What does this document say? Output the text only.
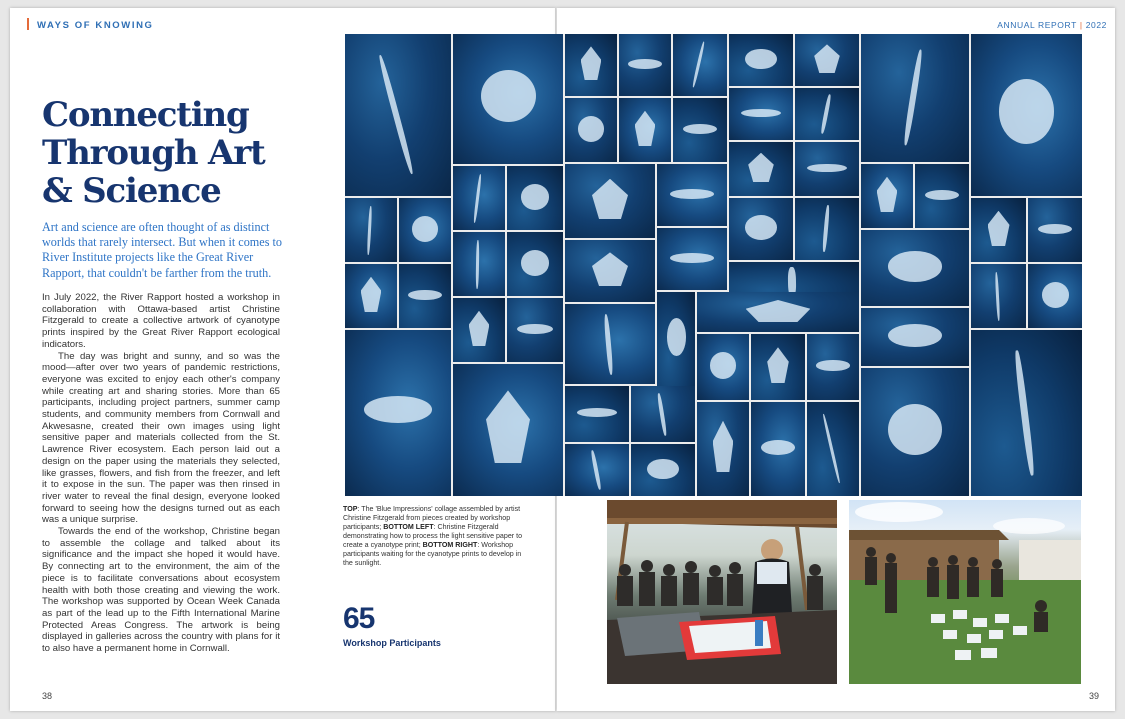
WAYS OF KNOWING
Connecting Through Art & Science

Art and science are often thought of as distinct worlds that rarely intersect. But when it comes to River Institute projects like the Great River Rapport, that couldn't be farther from the truth.

In July 2022, the River Rapport hosted a workshop in collaboration with Ottawa-based artist Christine Fitzgerald to create a collective artwork of cyanotype prints inspired by the Great River Rapport ecological indicators.

The day was bright and sunny, and so was the mood—after over two years of pandemic restrictions, everyone was excited to enjoy each other's company while creating art and sharing stories. More than 65 participants, including project partners, summer camp students, and community members from Cornwall and Akwesasne, created their own images using light sensitive paper and materials collected from the St. Lawrence River ecosystem. Each person laid out a design on the paper using the materials they selected, like grasses, flowers, and fish from the freezer, and left it to expose in the sun. The paper was then rinsed in river water to reveal the final design, everyone looked forward to seeing how the designs turned out as each was a unique surprise.

Towards the end of the workshop, Christine began to assemble the collage and talked about its significance and the impact she hoped it would have. By connecting art to the environment, the aim of the piece is to facilitate conversations about ecosystem health with both those creating and viewing the work. The workshop was supported by Ocean Week Canada as part of the lead up to the Fifth International Marine Protected Areas Congress. The artwork is being displayed in galleries across the country with plans for it to also have a permanent home in Cornwall.

38
ANNUAL REPORT | 2022
39
TOP: The 'Blue Impressions' collage assembled by artist Christine Fitzgerald from pieces created by workshop participants; BOTTOM LEFT: Christine Fitzgerald demonstrating how to process the light sensitive paper to create a cyanotype print; BOTTOM RIGHT: Workshop participants waiting for the cyanotype prints to develop in the sunlight.
65
Workshop Participants
